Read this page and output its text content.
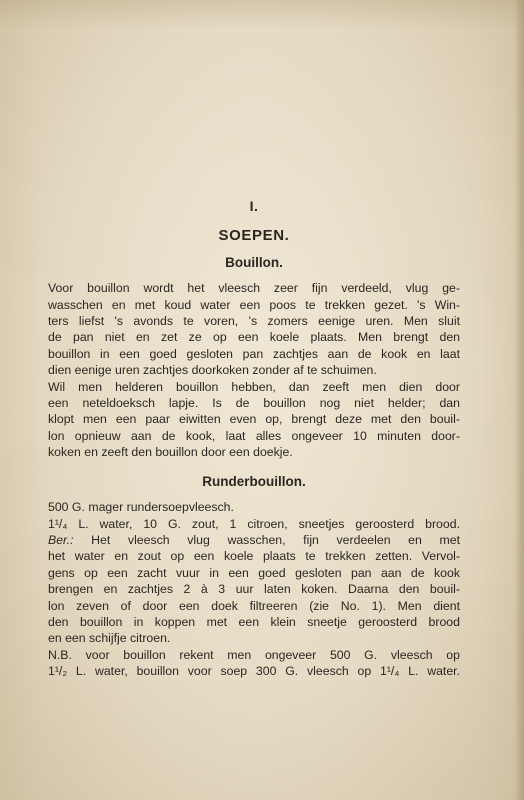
I.
SOEPEN.
Bouillon.
Voor bouillon wordt het vleesch zeer fijn verdeeld, vlug ge-
wasschen en met koud water een poos te trekken gezet. 's Win-
ters liefst 's avonds te voren, 's zomers eenige uren. Men sluit
de pan niet en zet ze op een koele plaats. Men brengt den
bouillon in een goed gesloten pan zachtjes aan de kook en laat
dien eenige uren zachtjes doorkoken zonder af te schuimen.
Wil men helderen bouillon hebben, dan zeeft men dien door
een neteldoeksch lapje. Is de bouillon nog niet helder; dan
klopt men een paar eiwitten even op, brengt deze met den bouil-
lon opnieuw aan de kook, laat alles ongeveer 10 minuten door-
koken en zeeft den bouillon door een doekje.
Runderbouillon.
500 G. mager rundersoepvleesch.
1¹/₄ L. water, 10 G. zout, 1 citroen, sneetjes geroosterd brood.
Ber.: Het vleesch vlug wasschen, fijn verdeelen en met
het water en zout op een koele plaats te trekken zetten. Vervol-
gens op een zacht vuur in een goed gesloten pan aan de kook
brengen en zachtjes 2 à 3 uur laten koken. Daarna den bouil-
lon zeven of door een doek filtreeren (zie No. 1). Men dient
den bouillon in koppen met een klein sneetje geroosterd brood
en een schijfje citroen.
N.B. voor bouillon rekent men ongeveer 500 G. vleesch op
1¹/₂ L. water, bouillon voor soep 300 G. vleesch op 1¹/₄ L. water.
